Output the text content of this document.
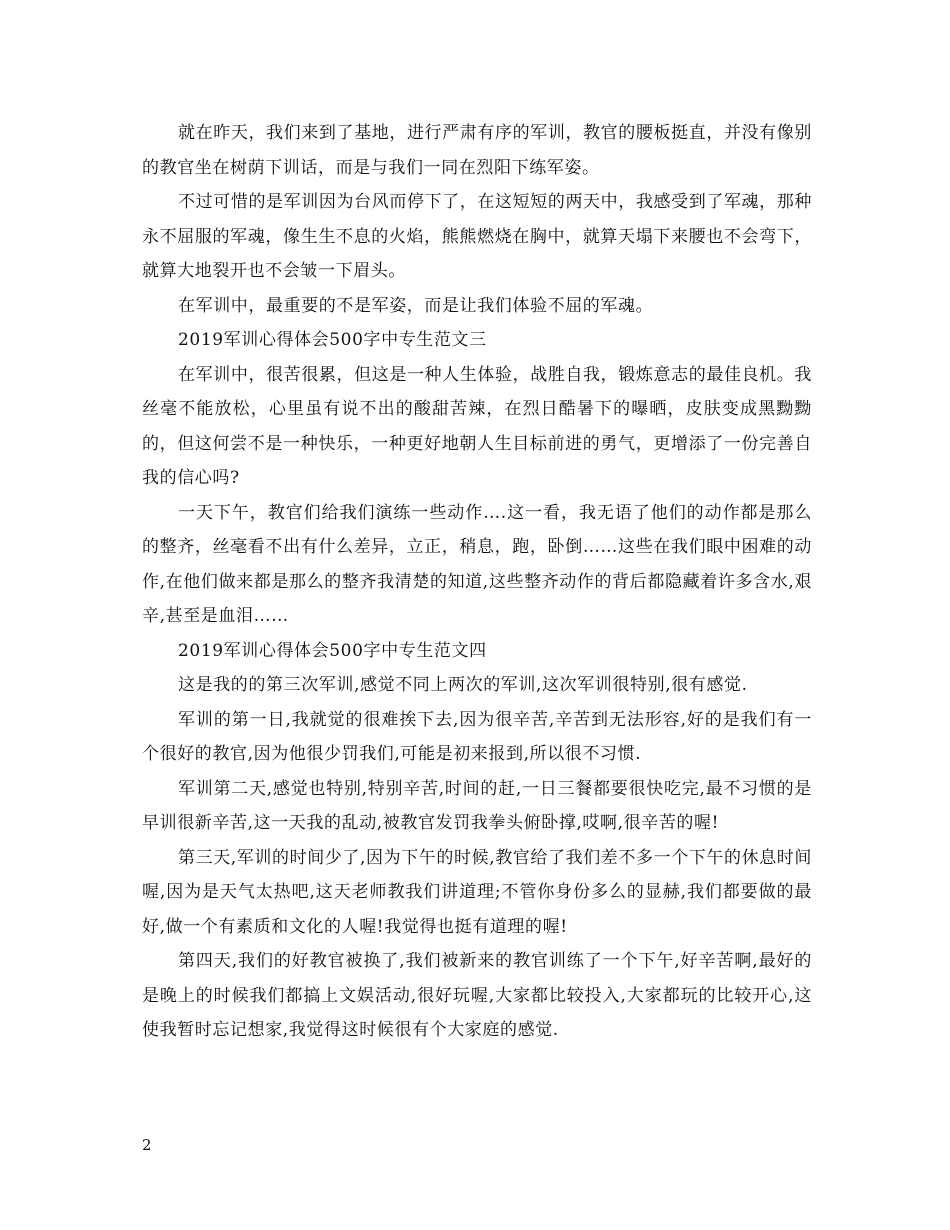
就在昨天，我们来到了基地，进行严肃有序的军训，教官的腰板挺直，并没有像别的教官坐在树荫下训话，而是与我们一同在烈阳下练军姿。

不过可惜的是军训因为台风而停下了，在这短短的两天中，我感受到了军魂，那种永不屈服的军魂，像生生不息的火焰，熊熊燃烧在胸中，就算天塌下来腰也不会弯下，就算大地裂开也不会皱一下眉头。

在军训中，最重要的不是军姿，而是让我们体验不屈的军魂。

2019军训心得体会500字中专生范文三

在军训中，很苦很累，但这是一种人生体验，战胜自我，锻炼意志的最佳良机。我丝毫不能放松，心里虽有说不出的酸甜苦辣，在烈日酷暑下的曝晒，皮肤变成黑黝黝的，但这何尝不是一种快乐，一种更好地朝人生目标前进的勇气，更增添了一份完善自我的信心吗?

一天下午，教官们给我们演练一些动作….这一看，我无语了他们的动作都是那么的整齐，丝毫看不出有什么差异，立正，稍息，跑，卧倒……这些在我们眼中困难的动作,在他们做来都是那么的整齐我清楚的知道,这些整齐动作的背后都隐藏着许多含水,艰辛,甚至是血泪……

2019军训心得体会500字中专生范文四

这是我的的第三次军训,感觉不同上两次的军训,这次军训很特别,很有感觉.

军训的第一日,我就觉的很难挨下去,因为很辛苦,辛苦到无法形容,好的是我们有一个很好的教官,因为他很少罚我们,可能是初来报到,所以很不习惯.

军训第二天,感觉也特别,特别辛苦,时间的赶,一日三餐都要很快吃完,最不习惯的是早训很新辛苦,这一天我的乱动,被教官发罚我拳头俯卧撑,哎啊,很辛苦的喔!

第三天,军训的时间少了,因为下午的时候,教官给了我们差不多一个下午的休息时间喔,因为是天气太热吧,这天老师教我们讲道理;不管你身份多么的显赫,我们都要做的最好,做一个有素质和文化的人喔!我觉得也挺有道理的喔!

第四天,我们的好教官被换了,我们被新来的教官训练了一个下午,好辛苦啊,最好的是晚上的时候我们都搞上文娱活动,很好玩喔,大家都比较投入,大家都玩的比较开心,这使我暂时忘记想家,我觉得这时候很有个大家庭的感觉.

2
